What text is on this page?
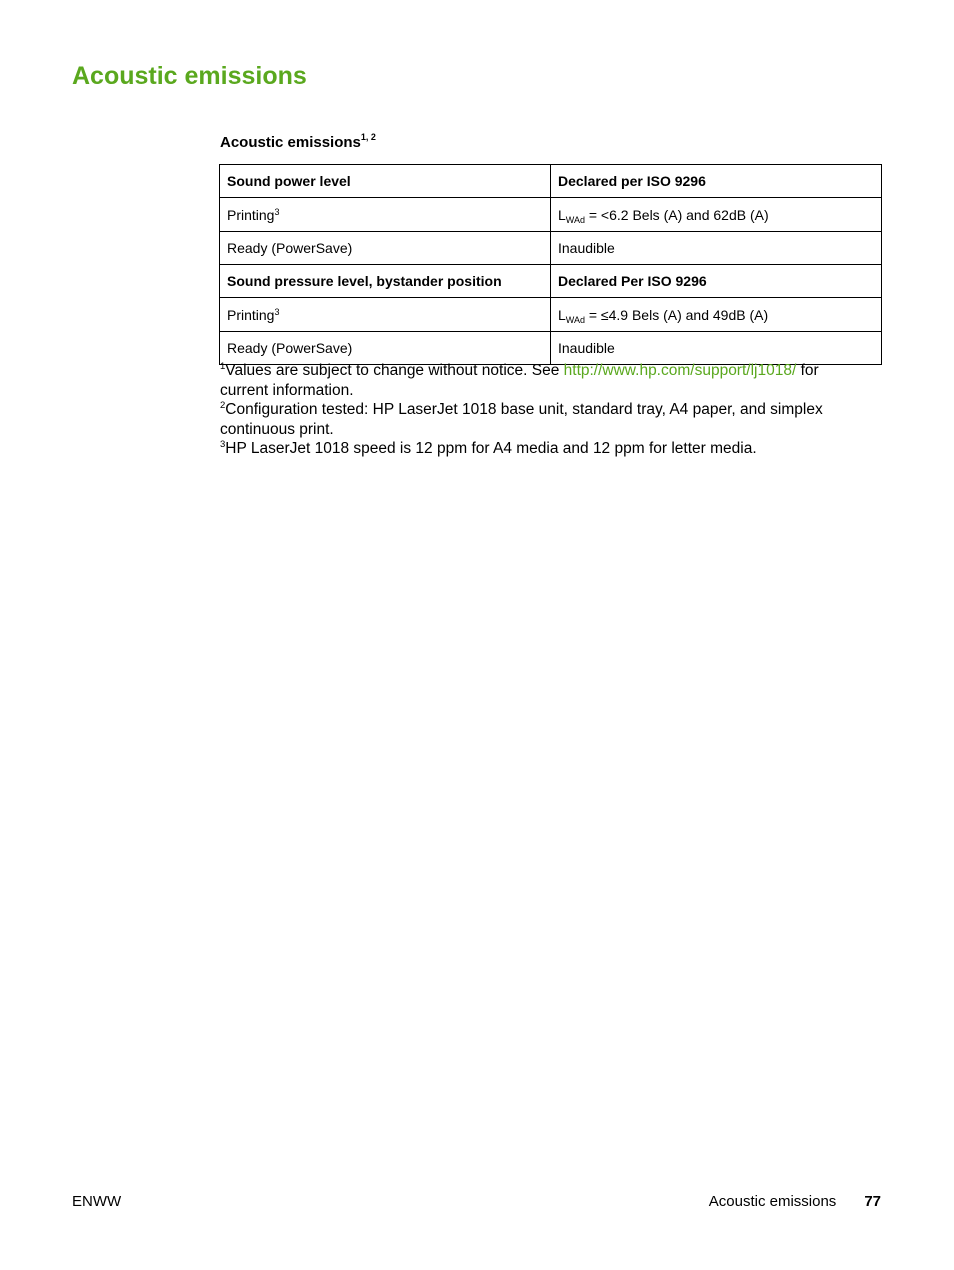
Acoustic emissions
Acoustic emissions$^{1, 2}$
Sound power level	Declared per ISO 9296
Printing$^3$	$L_{WAd} = <6.2$ Bels (A) and 62dB (A)
Ready (PowerSave)	Inaudible
Sound pressure level, bystander position	Declared Per ISO 9296
Printing$^3$	$L_{WAd} = \le 4.9$ Bels (A) and 49dB (A)
Ready (PowerSave)	Inaudible

$^1$Values are subject to change without notice. See http://www.hp.com/support/lj1018/ for current information.

$^2$Configuration tested: HP LaserJet 1018 base unit, standard tray, A4 paper, and simplex continuous print.

$^3$HP LaserJet 1018 speed is 12 ppm for A4 media and 12 ppm for letter media.

ENWW	Acoustic emissions 77
